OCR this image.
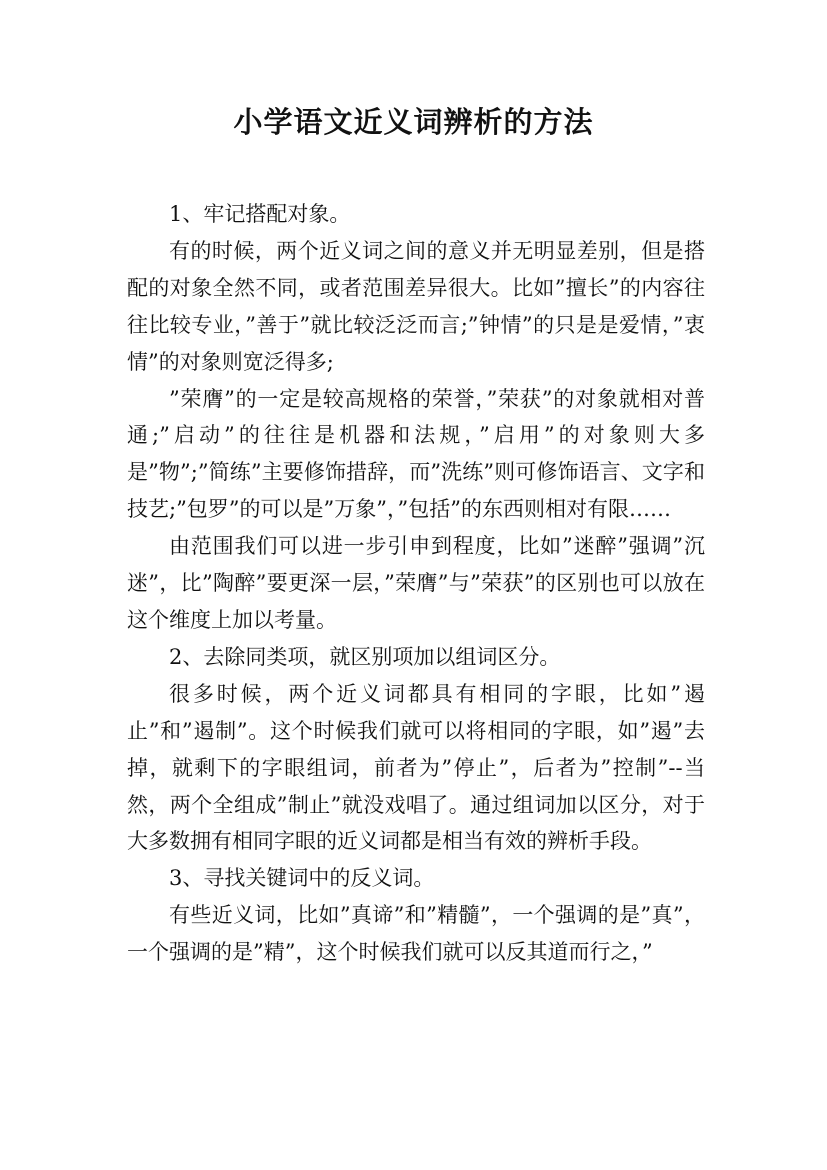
小学语文近义词辨析的方法

1、牢记搭配对象。

有的时候，两个近义词之间的意义并无明显差别，但是搭配的对象全然不同，或者范围差异很大。比如”擅长”的内容往往比较专业，”善于”就比较泛泛而言;”钟情”的只是是爱情，”衷情”的对象则宽泛得多;

”荣膺”的一定是较高规格的荣誉，”荣获”的对象就相对普通;”启动”的往往是机器和法规，”启用”的对象则大多是”物”;”简练”主要修饰措辞，而”洗练”则可修饰语言、文字和技艺;”包罗”的可以是”万象”，”包括”的东西则相对有限……

由范围我们可以进一步引申到程度，比如”迷醉”强调”沉迷”，比”陶醉”要更深一层，”荣膺”与”荣获”的区别也可以放在这个维度上加以考量。

2、去除同类项，就区别项加以组词区分。

很多时候，两个近义词都具有相同的字眼，比如”遏止”和”遏制”。这个时候我们就可以将相同的字眼，如”遏”去掉，就剩下的字眼组词，前者为”停止”，后者为”控制”--当然，两个全组成”制止”就没戏唱了。通过组词加以区分，对于大多数拥有相同字眼的近义词都是相当有效的辨析手段。

3、寻找关键词中的反义词。

有些近义词，比如”真谛”和”精髓”，一个强调的是”真”，一个强调的是”精”，这个时候我们就可以反其道而行之，”
